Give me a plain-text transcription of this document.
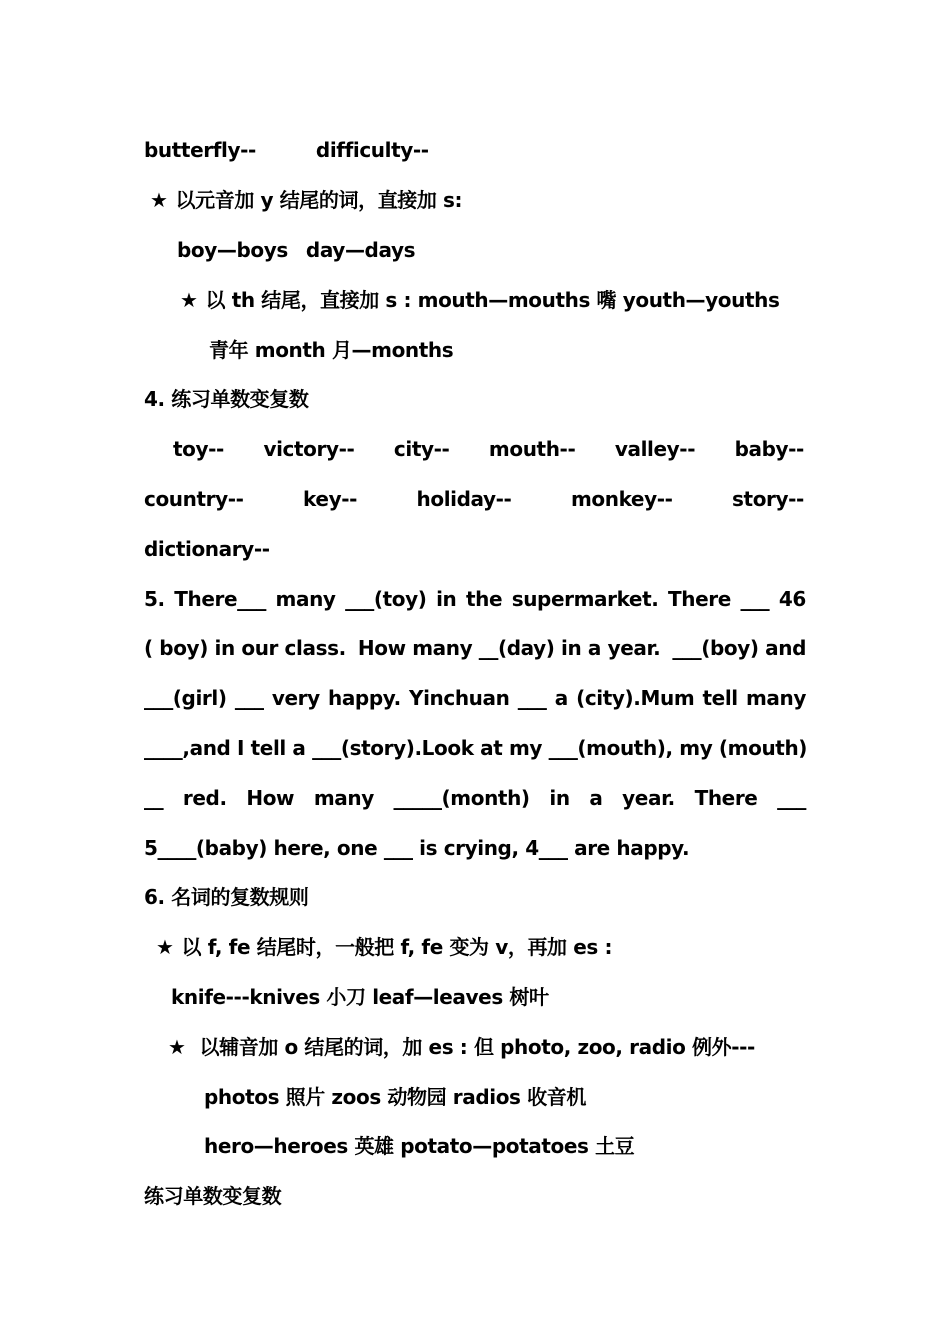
butterfly--	difficulty--
★ 以元音加 y 结尾的词，直接加 s:
boy—boys day—days
★ 以 th 结尾，直接加 s : mouth—mouths 嘴 youth—youths
青年 month 月—months
4. 练习单数变复数
toy-- victory-- city-- mouth-- valley-- baby--
country--	key--	holiday--	monkey--	story--
dictionary--
5. There___ many ___(toy) in the supermarket. There ___ 46
( boy) in our class. How many __(day) in a year. ___(boy) and
___(girl) ___ very happy. Yinchuan ___ a (city).Mum tell many
____,and I tell a ___(story). Look at my ___(mouth), my (mouth)
__ red. How many _____(month) in a year. There ___
5____(baby) here, one ___ is crying, 4___ are happy.
6. 名词的复数规则
★ 以 f, fe 结尾时，一般把 f, fe 变为 v，再加 es :
knife---knives 小刀 leaf—leaves 树叶
★ 以辅音加 o 结尾的词，加 es : 但 photo, zoo, radio 例外---
photos 照片 zoos 动物园 radios 收音机
hero—heroes 英雄 potato—potatoes 土豆
练习单数变复数
